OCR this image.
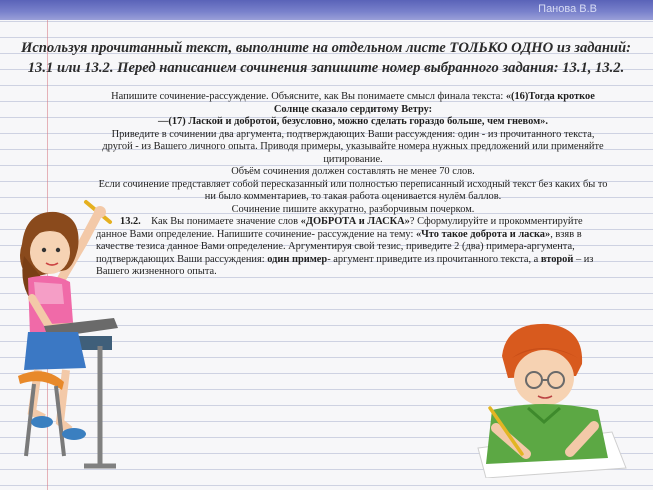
Панова В.В
Используя прочитанный текст, выполните на отдельном листе ТОЛЬКО ОДНО из заданий: 13.1 или 13.2. Перед написанием сочинения запишите номер выбранного задания: 13.1, 13.2.

Напишите сочинение-рассуждение. Объясните, как Вы понимаете смысл финала текста: «(16)Тогда кроткое Солнце сказало сердитому Ветру:

—(17) Лаской и добротой, безусловно, можно сделать гораздо больше, чем гневом».

Приведите в сочинении два аргумента, подтверждающих Ваши рассуждения: один - из прочитанного текста, другой - из Вашего личного опыта. Приводя примеры, указывайте номера нужных предложений или применяйте цитирование.

Объём сочинения должен составлять не менее 70 слов.

Если сочинение представляет собой пересказанный или полностью переписанный исходный текст без каких бы то ни было комментариев, то такая работа оценивается нулём баллов.

Сочинение пишите аккуратно, разборчивым почерком.

13.2. Как Вы понимаете значение слов «ДОБРОТА и ЛАСКА»? Сформулируйте и прокомментируйте данное Вами определение. Напишите сочинение- рассуждение на тему: «Что такое доброта и ласка», взяв в качестве тезиса данное Вами определение. Аргументируя свой тезис, приведите 2 (два) примера-аргумента, подтверждающих Ваши рассуждения: один пример- аргумент приведите из прочитанного текста, а второй – из Вашего жизненного опыта.
